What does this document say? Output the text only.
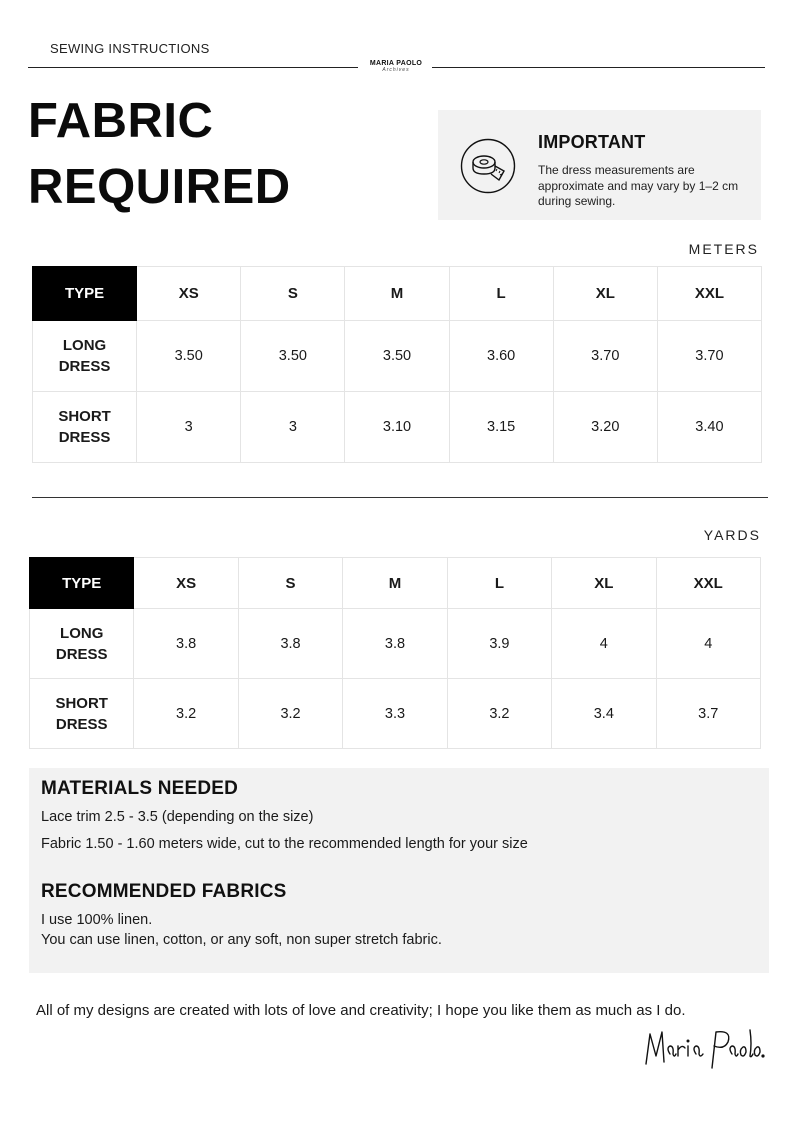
SEWING INSTRUCTIONS
MARIA PAOLO
Archives
FABRIC
REQUIRED
IMPORTANT
The dress measurements are approximate and may vary by 1–2 cm during sewing.
METERS
TYPE	XS	S	M	L	XL	XXL
LONG
DRESS	3.50	3.50	3.50	3.60	3.70	3.70
SHORT
DRESS	3	3	3.10	3.15	3.20	3.40
YARDS
TYPE	XS	S	M	L	XL	XXL
LONG
DRESS	3.8	3.8	3.8	3.9	4	4
SHORT
DRESS	3.2	3.2	3.3	3.2	3.4	3.7
MATERIALS NEEDED
Lace trim 2.5 - 3.5 (depending on the size)
Fabric 1.50 - 1.60 meters wide, cut to the recommended length for your size
RECOMMENDED FABRICS
I use 100% linen.
You can use linen, cotton, or any soft, non super stretch fabric.
All of my designs are created with lots of love and creativity; I hope you like them as much as I do.
